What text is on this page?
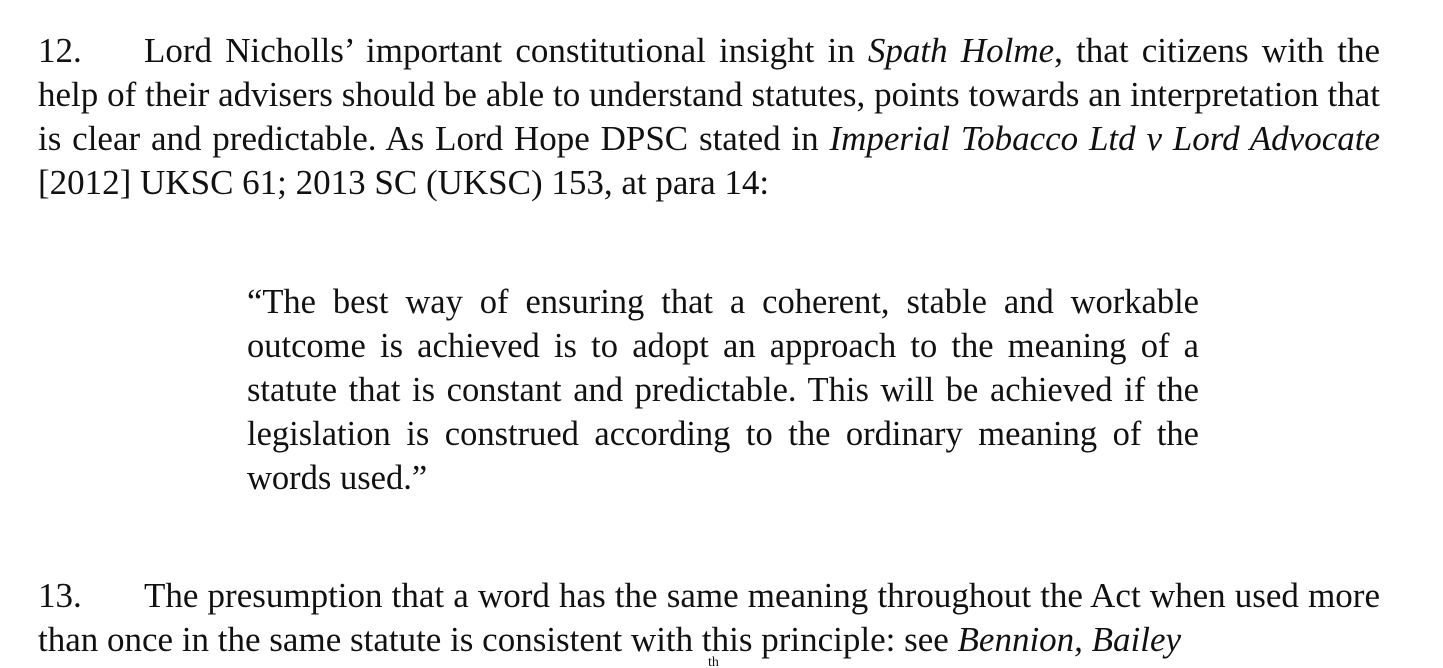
12. Lord Nicholls’ important constitutional insight in Spath Holme, that citizens with the help of their advisers should be able to understand statutes, points towards an interpretation that is clear and predictable. As Lord Hope DPSC stated in Imperial Tobacco Ltd v Lord Advocate [2012] UKSC 61; 2013 SC (UKSC) 153, at para 14:
“The best way of ensuring that a coherent, stable and workable outcome is achieved is to adopt an approach to the meaning of a statute that is constant and predictable. This will be achieved if the legislation is construed according to the ordinary meaning of the words used.”
13. The presumption that a word has the same meaning throughout the Act when used more than once in the same statute is consistent with this principle: see Bennion, Bailey
th
